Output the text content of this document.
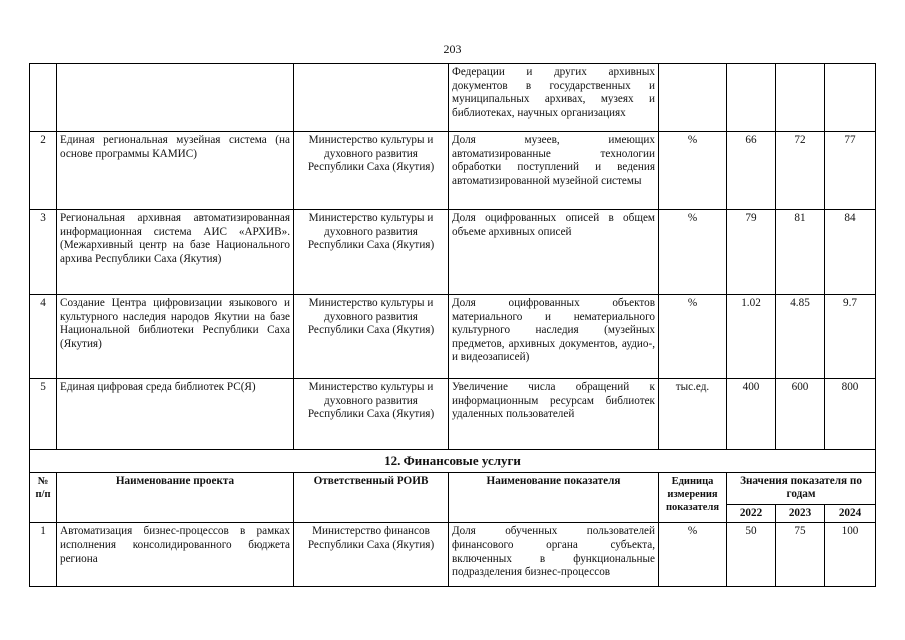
203
			Федерации и других архивных документов в государственных и муниципальных архивах, музеях и библиотеках, научных организациях				
2	Единая региональная музейная система (на основе программы КАМИС)	Министерство культуры и духовного развития Республики Саха (Якутия)	Доля музеев, имеющих автоматизированные технологии обработки поступлений и ведения автоматизированной музейной системы	%	66	72	77
3	Региональная архивная автоматизированная информационная система АИС «АРХИВ». (Межархивный центр на базе Национального архива Республики Саха (Якутия)	Министерство культуры и духовного развития Республики Саха (Якутия)	Доля оцифрованных описей в общем объеме архивных описей	%	79	81	84
4	Создание Центра цифровизации языкового и культурного наследия народов Якутии на базе Национальной библиотеки Республики Саха (Якутия)	Министерство культуры и духовного развития Республики Саха (Якутия)	Доля оцифрованных объектов материального и нематериального культурного наследия (музейных предметов, архивных документов, аудио-, и видеозаписей)	%	1.02	4.85	9.7
5	Единая цифровая среда библиотек РС(Я)	Министерство культуры и духовного развития Республики Саха (Якутия)	Увеличение числа обращений к информационным ресурсам библиотек удаленных пользователей	тыс.ед.	400	600	800
12. Финансовые услуги							
№ п/п	Наименование проекта	Ответственный РОИВ	Наименование показателя	Единица измерения показателя	Значения показателя по годам		
					2022	2023	2024
1	Автоматизация бизнес-процессов в рамках исполнения консолидированного бюджета региона	Министерство финансов Республики Саха (Якутия)	Доля обученных пользователей финансового органа субъекта, включенных в функциональные подразделения бизнес-процессов	%	50	75	100
